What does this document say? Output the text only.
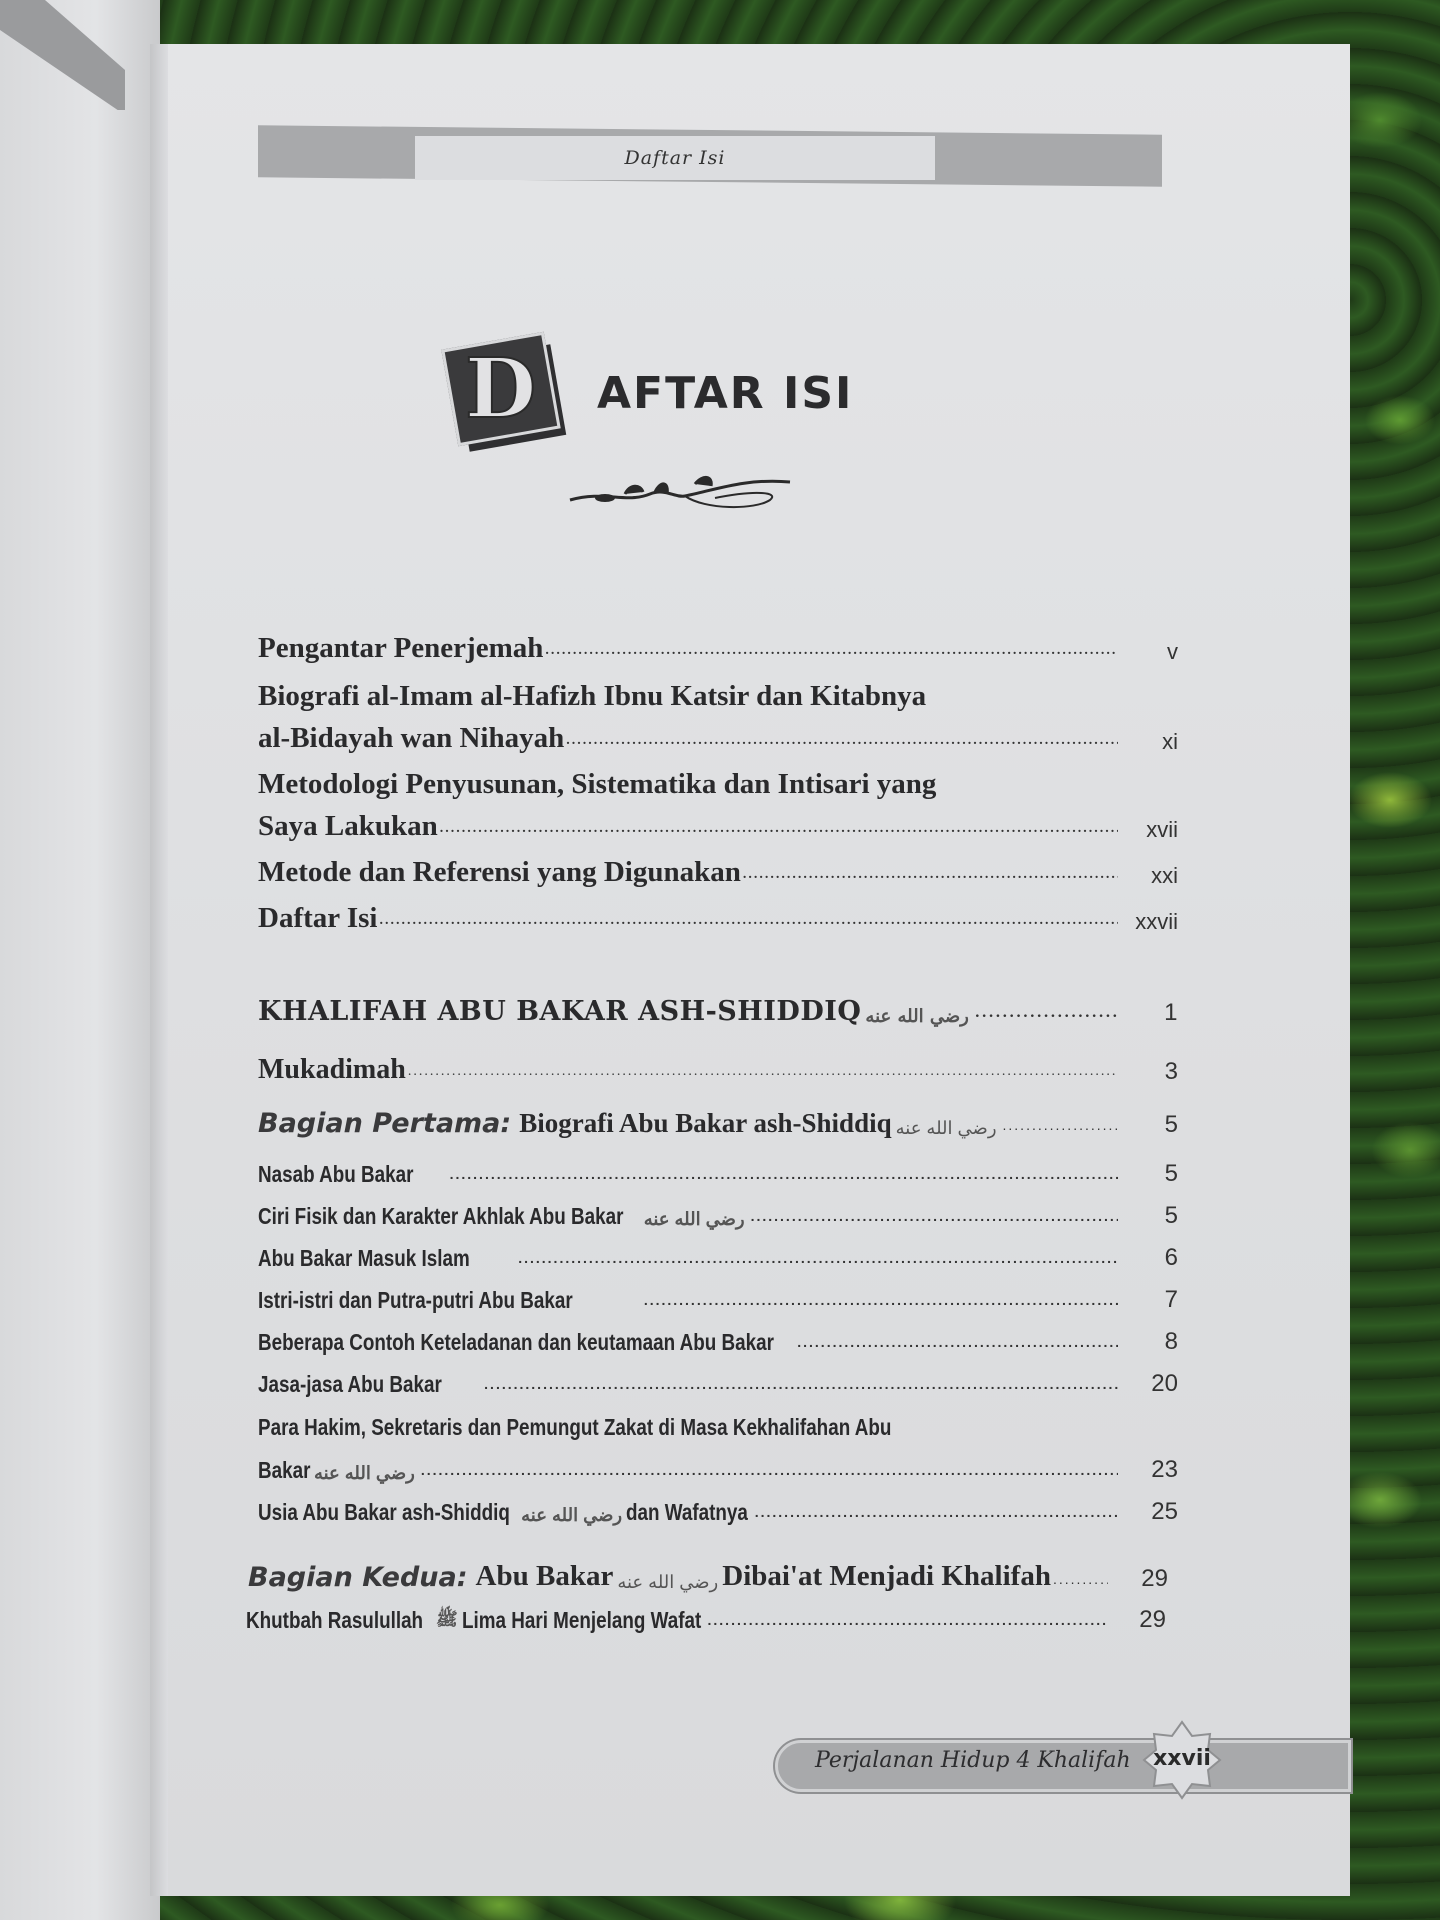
Daftar Isi
D AFTAR ISI
Pengantar Penerjemah .....	v
Biografi al-Imam al-Hafizh Ibnu Katsir dan Kitabnya
al-Bidayah wan Nihayah .....	xi
Metodologi Penyusunan, Sistematika dan Intisari yang
Saya Lakukan .....	xvii
Metode dan Referensi yang Digunakan .....	xxi
Daftar Isi .....	xxvii
KHALIFAH ABU BAKAR ASH-SHIDDIQ رضي الله عنه .....	1
Mukadimah .....	3
Bagian Pertama: Biografi Abu Bakar ash-Shiddiq رضي الله عنه .....	5
Nasab Abu Bakar .....	5
Ciri Fisik dan Karakter Akhlak Abu Bakar رضي الله عنه .....	5
Abu Bakar Masuk Islam .....	6
Istri-istri dan Putra-putri Abu Bakar .....	7
Beberapa Contoh Keteladanan dan keutamaan Abu Bakar .....	8
Jasa-jasa Abu Bakar .....	20
Para Hakim, Sekretaris dan Pemungut Zakat di Masa Kekhalifahan Abu
Bakar رضي الله عنه .....	23
Usia Abu Bakar ash-Shiddiq رضي الله عنه dan Wafatnya .....	25
Bagian Kedua: Abu Bakar رضي الله عنه Dibai'at Menjadi Khalifah .....	29
Khutbah Rasulullah ﷺ Lima Hari Menjelang Wafat .....	29
Perjalanan Hidup 4 Khalifah	xxvii
